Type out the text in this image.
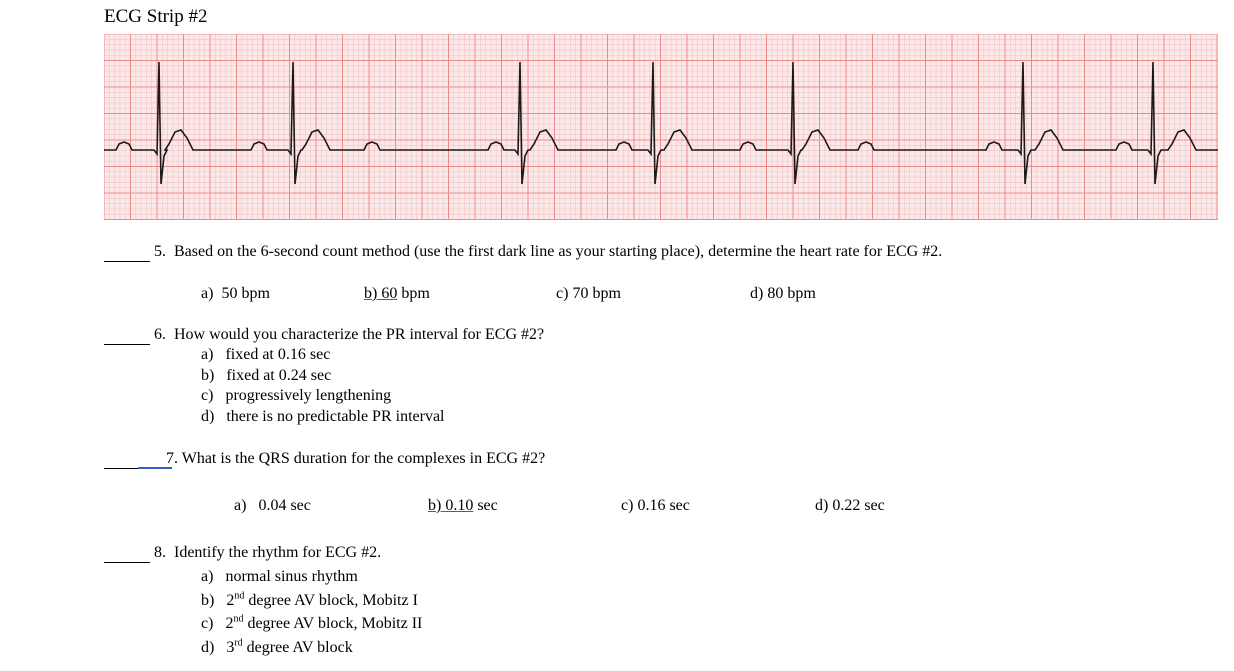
ECG Strip #2
5. Based on the 6-second count method (use the first dark line as your starting place), determine the heart rate for ECG #2.
a) 50 bpm	b) 60 bpm	c) 70 bpm	d) 80 bpm
6. How would you characterize the PR interval for ECG #2?
a) fixed at 0.16 sec
b) fixed at 0.24 sec
c) progressively lengthening
d) there is no predictable PR interval
7. What is the QRS duration for the complexes in ECG #2?
a) 0.04 sec	b) 0.10 sec	c) 0.16 sec	d) 0.22 sec
8. Identify the rhythm for ECG #2.
a) normal sinus rhythm
b) 2nd degree AV block, Mobitz I
c) 2nd degree AV block, Mobitz II
d) 3rd degree AV block
